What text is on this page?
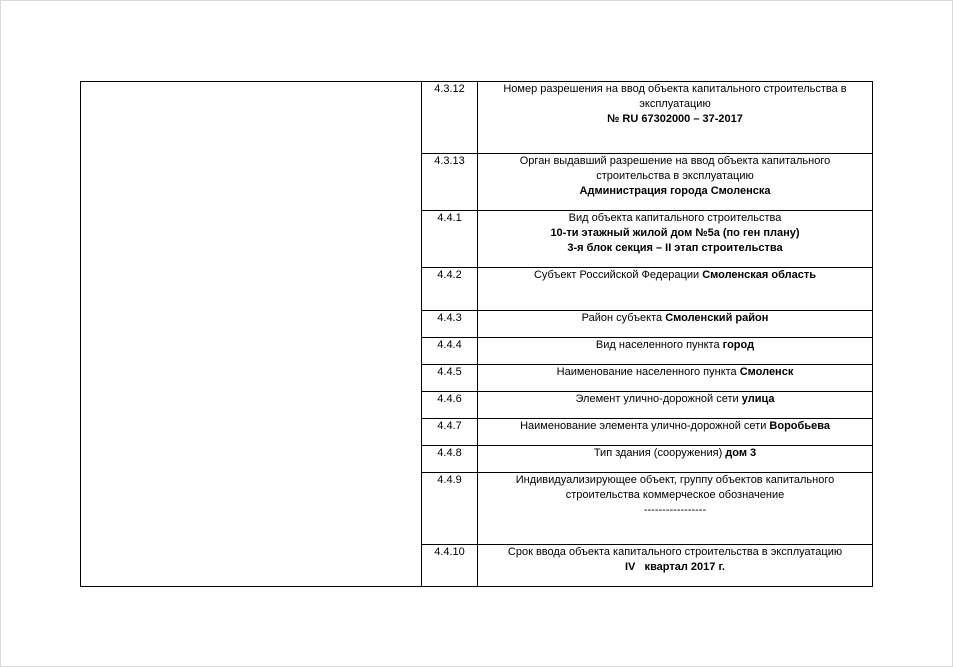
	4.3.12	Номер разрешения на ввод объекта капитального строительства в
эксплуатацию
№ RU 67302000 – 37-2017

	4.3.13	Орган выдавший разрешение на ввод объекта капитального
строительства в эксплуатацию
Администрация города Смоленска

	4.4.1	Вид объекта капитального строительства
10-ти этажный жилой дом №5а (по ген плану)
3-я блок секция – II этап строительства

	4.4.2	Субъект Российской Федерации Смоленская область
	4.4.3	Район субъекта Смоленский район
	4.4.4	Вид населенного пункта город
	4.4.5	Наименование населенного пункта Смоленск
	4.4.6	Элемент улично-дорожной сети улица
	4.4.7	Наименование элемента улично-дорожной сети Воробьева
	4.4.8	Тип здания (сооружения) дом 3
	4.4.9	Индивидуализирующее объект, группу объектов капитального
строительства коммерческое обозначение
-----------------

	4.4.10	Срок ввода объекта капитального строительства в эксплуатацию
IV   квартал 2017 г.
